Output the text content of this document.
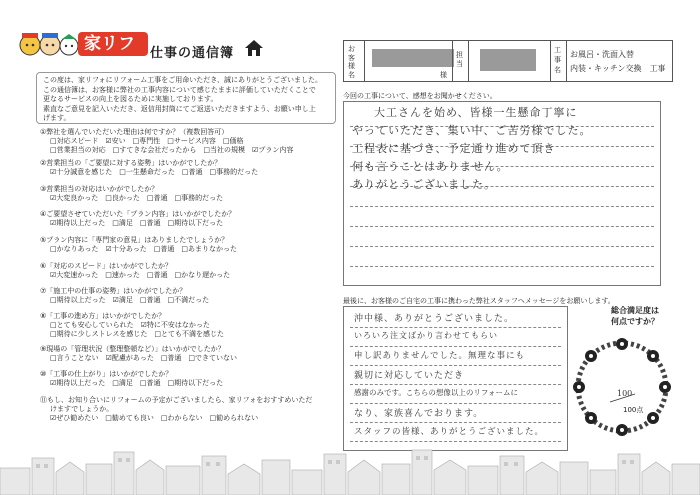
家リフォ
仕事の通信簿
この度は、家リフォにリフォーム工事をご用命いただき、誠にありがとうございました。
この通信簿は、お客様に弊社の工事内容について感じたままに評価していただくことで
更なるサービスの向上を図るために実施しております。
素直なご意見を記入いただき、返信用封筒にてご返送いただきますよう、お願い申し上
げます。
①弊社を選んでいただいた理由は何ですか？（複数回答可）
□対応スピード　☑安い　□専門性　□サービス内容　□価格
□営業担当の対応　□すてきな会社だったから　□当社の規模　☑プラン内容
②営業担当の「ご要望に対する姿勢」はいかがでしたか？
☑十分誠意を感じた　□一生懸命だった　□普通　□事務的だった
③営業担当の対応はいかがでしたか？
☑大変良かった　□良かった　□普通　□事務的だった
④ご要望させていただいた「プラン内容」はいかがでしたか？
☑期待以上だった　□満足　□普通　□期待以下だった
⑤プラン内容に「専門家の意見」はありましたでしょうか？
□かなりあった　☑十分あった　□普通　□あまりなかった
⑥「対応のスピード」はいかがでしたか？
☑大変速かった　□速かった　□普通　□かなり遅かった
⑦「施工中の仕事の姿勢」はいかがでしたか？
□期待以上だった　☑満足　□普通　□不満だった
⑧「工事の進め方」はいかがでしたか？
□とても安心していられた　☑特に不安はなかった
□期待に少しストレスを感じた　□とても不満を感じた
⑨現場の「管理状況（整理整頓など）」はいかがでしたか？
□言うことない　☑配慮があった　□普通　□できていない
⑩「工事の仕上がり」はいかがでしたか？
☑期待以上だった　□満足　□普通　□期待以下だった
⑪もし、お知り合いにリフォームの予定がございましたら、家リフォをおすすめいただ
けますでしょうか。
☑ぜひ勧めたい　□勧めても良い　□わからない　□勧められない
お客様名	様
担当
工事名
お風呂・洗面入替
内装・キッチン交換　工事
今回の工事について、感想をお聞かせください。
大工さんを始め、皆様一生懸命丁寧に
やっていただき、集い中、ご苦労様でした。
工程表に基づき、予定通り進めて頂き
何も言うことはありません。
ありがとうございました。
最後に、お客様のご自宅の工事に携わった弊社スタッフへメッセージをお願いします。
沖中様、ありがとうございました。
いろいろ注文ばかり言わせてもらい
申し訳ありませんでした。無理な事にも
親切に対応していただき
感謝のみです。こちらの想像以上のリフォームに
なり、家族喜んでおります。
スタッフの皆様、ありがとうございました。
総合満足度は
何点ですか？
100
100点
